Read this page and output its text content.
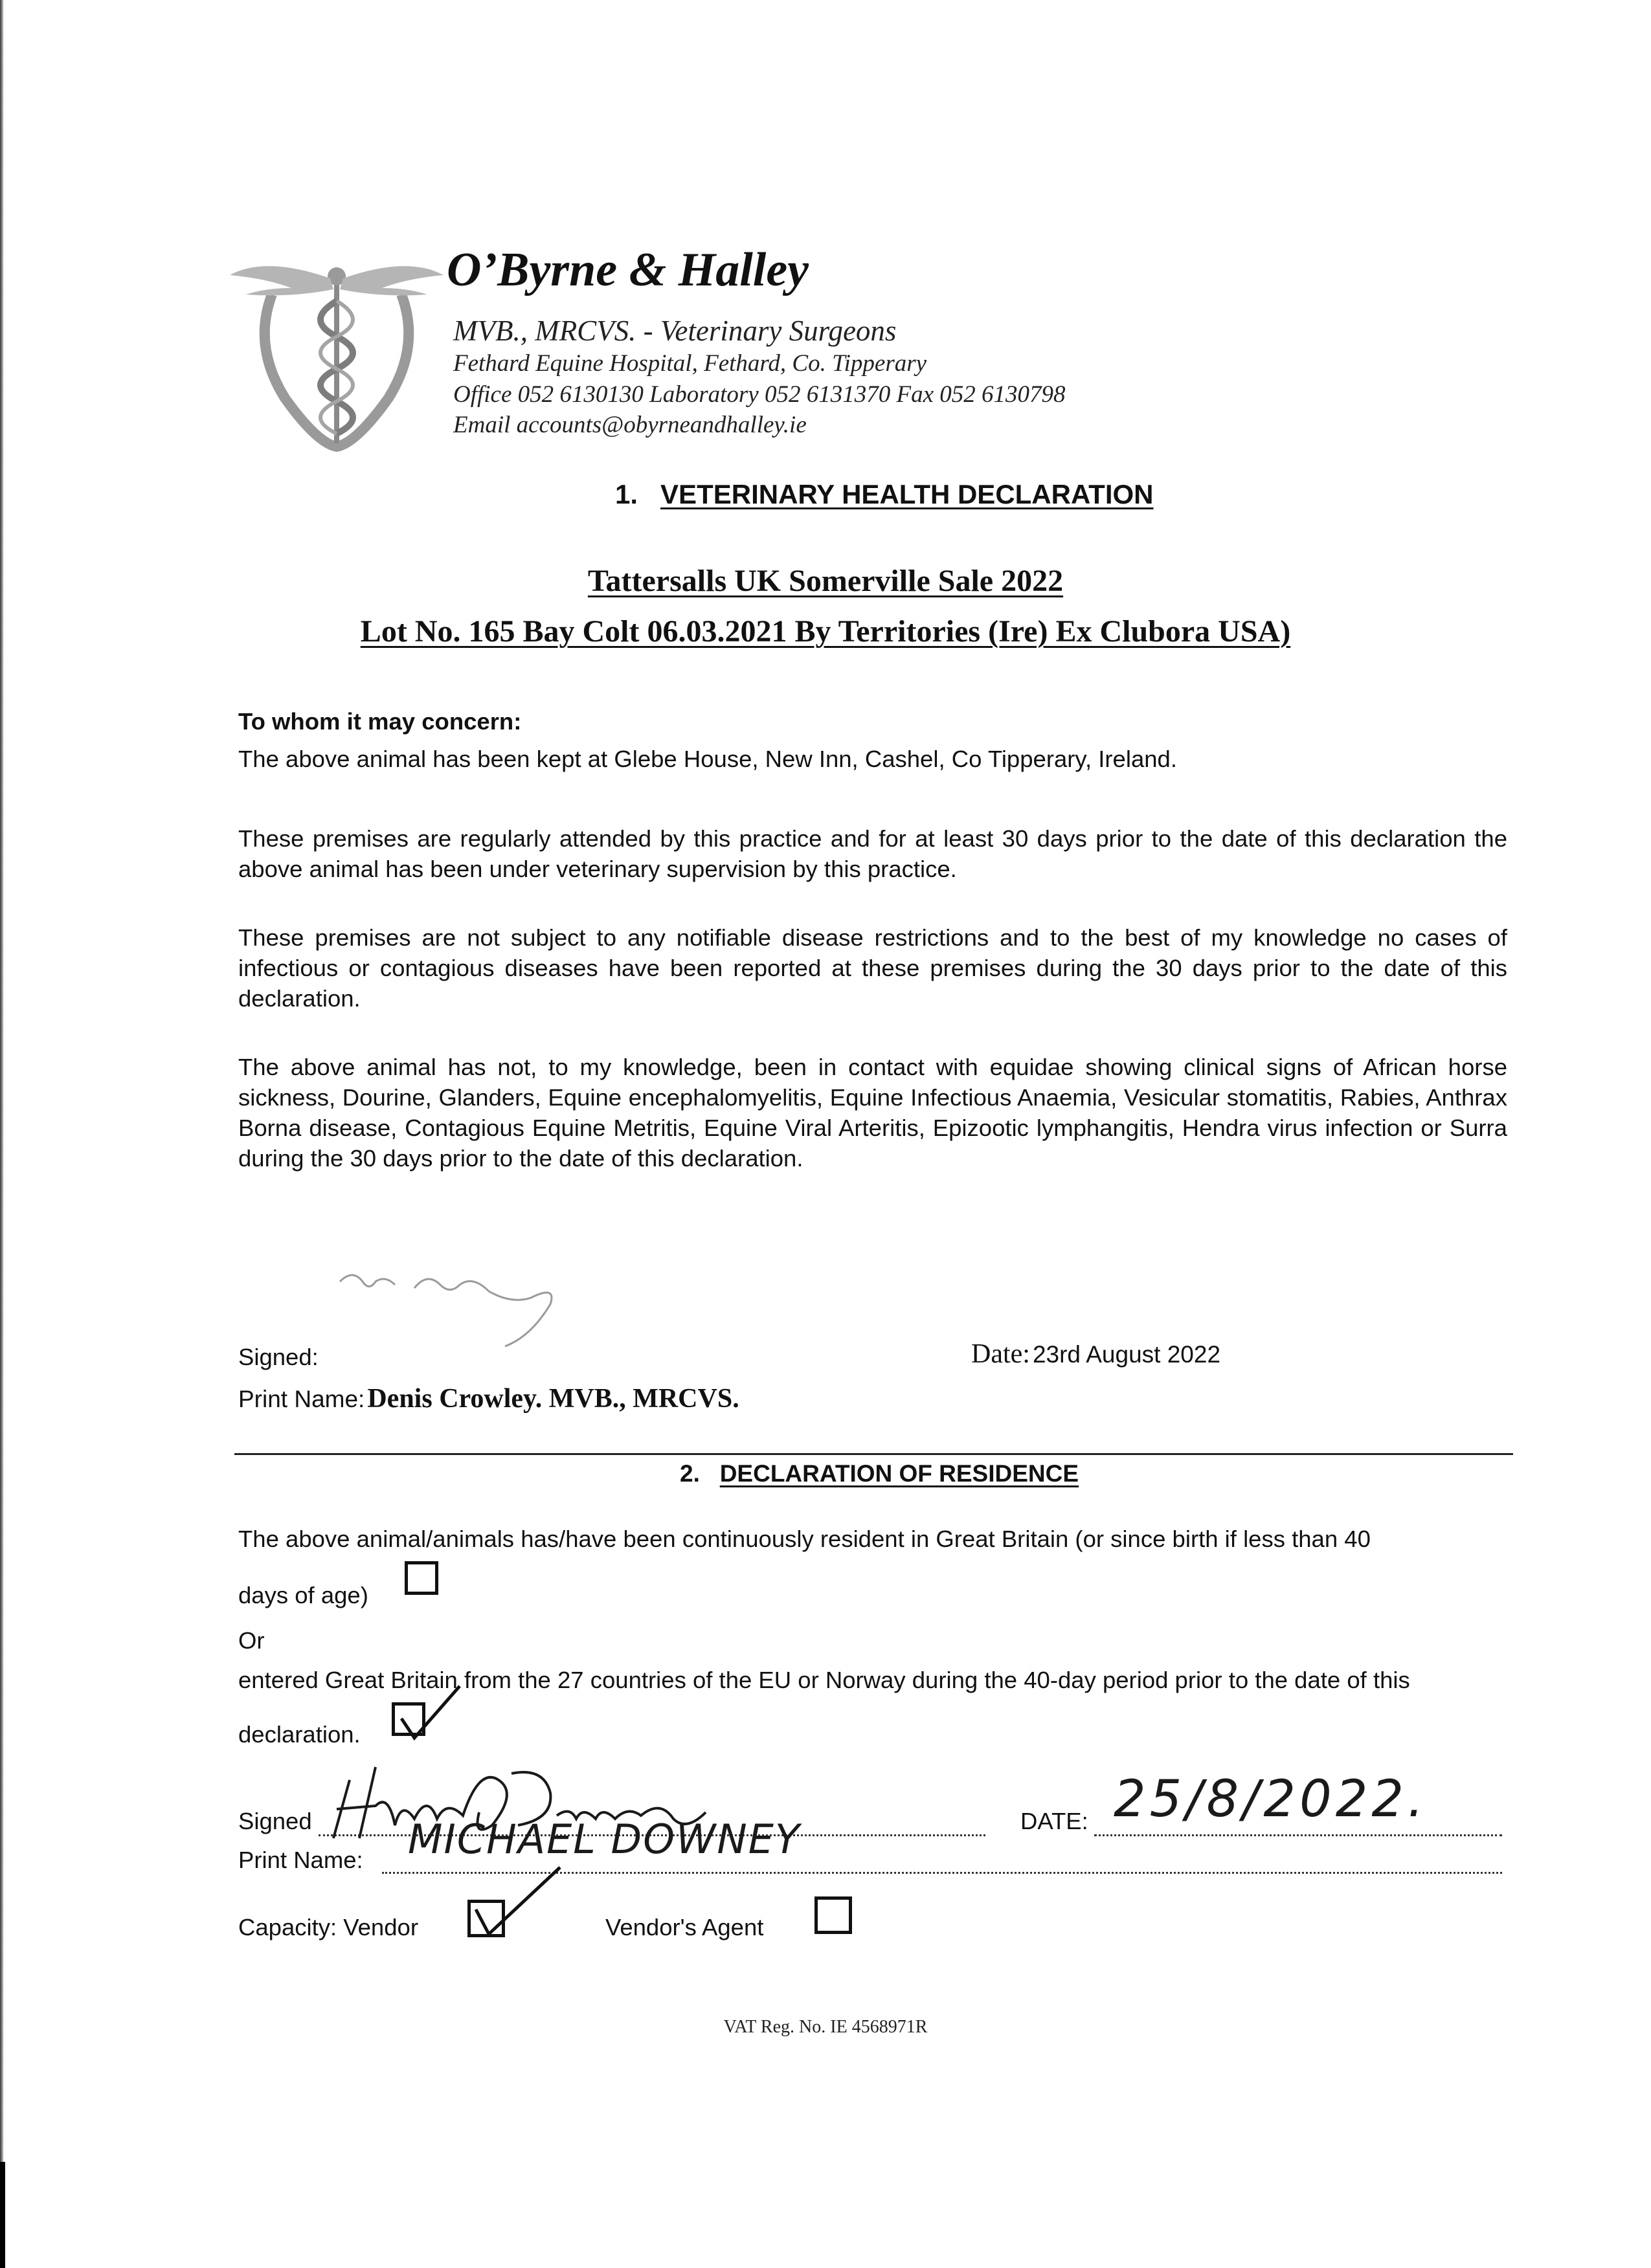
O’Byrne & Halley
MVB., MRCVS. - Veterinary Surgeons
Fethard Equine Hospital, Fethard, Co. Tipperary
Office 052 6130130 Laboratory 052 6131370 Fax 052 6130798
Email accounts@obyrneandhalley.ie
1. VETERINARY HEALTH DECLARATION
Tattersalls UK Somerville Sale 2022
Lot No. 165 Bay Colt 06.03.2021 By Territories (Ire) Ex Clubora USA)
To whom it may concern:
The above animal has been kept at Glebe House, New Inn, Cashel, Co Tipperary, Ireland.
These premises are regularly attended by this practice and for at least 30 days prior to the date of this declaration the above animal has been under veterinary supervision by this practice.
These premises are not subject to any notifiable disease restrictions and to the best of my knowledge no cases of infectious or contagious diseases have been reported at these premises during the 30 days prior to the date of this declaration.
The above animal has not, to my knowledge, been in contact with equidae showing clinical signs of African horse sickness, Dourine, Glanders, Equine encephalomyelitis, Equine Infectious Anaemia, Vesicular stomatitis, Rabies, Anthrax Borna disease, Contagious Equine Metritis, Equine Viral Arteritis, Epizootic lymphangitis, Hendra virus infection or Surra during the 30 days prior to the date of this declaration.
Signed:	Date: 23rd August 2022
Print Name: Denis Crowley. MVB., MRCVS.
2. DECLARATION OF RESIDENCE
The above animal/animals has/have been continuously resident in Great Britain (or since birth if less than 40
days of age)
Or
entered Great Britain from the 27 countries of the EU or Norway during the 40-day period prior to the date of this
declaration.
Signed	DATE: 25/8/2022.
Print Name: MICHAEL DOWNEY
Capacity: Vendor	Vendor's Agent
VAT Reg. No. IE 4568971R
